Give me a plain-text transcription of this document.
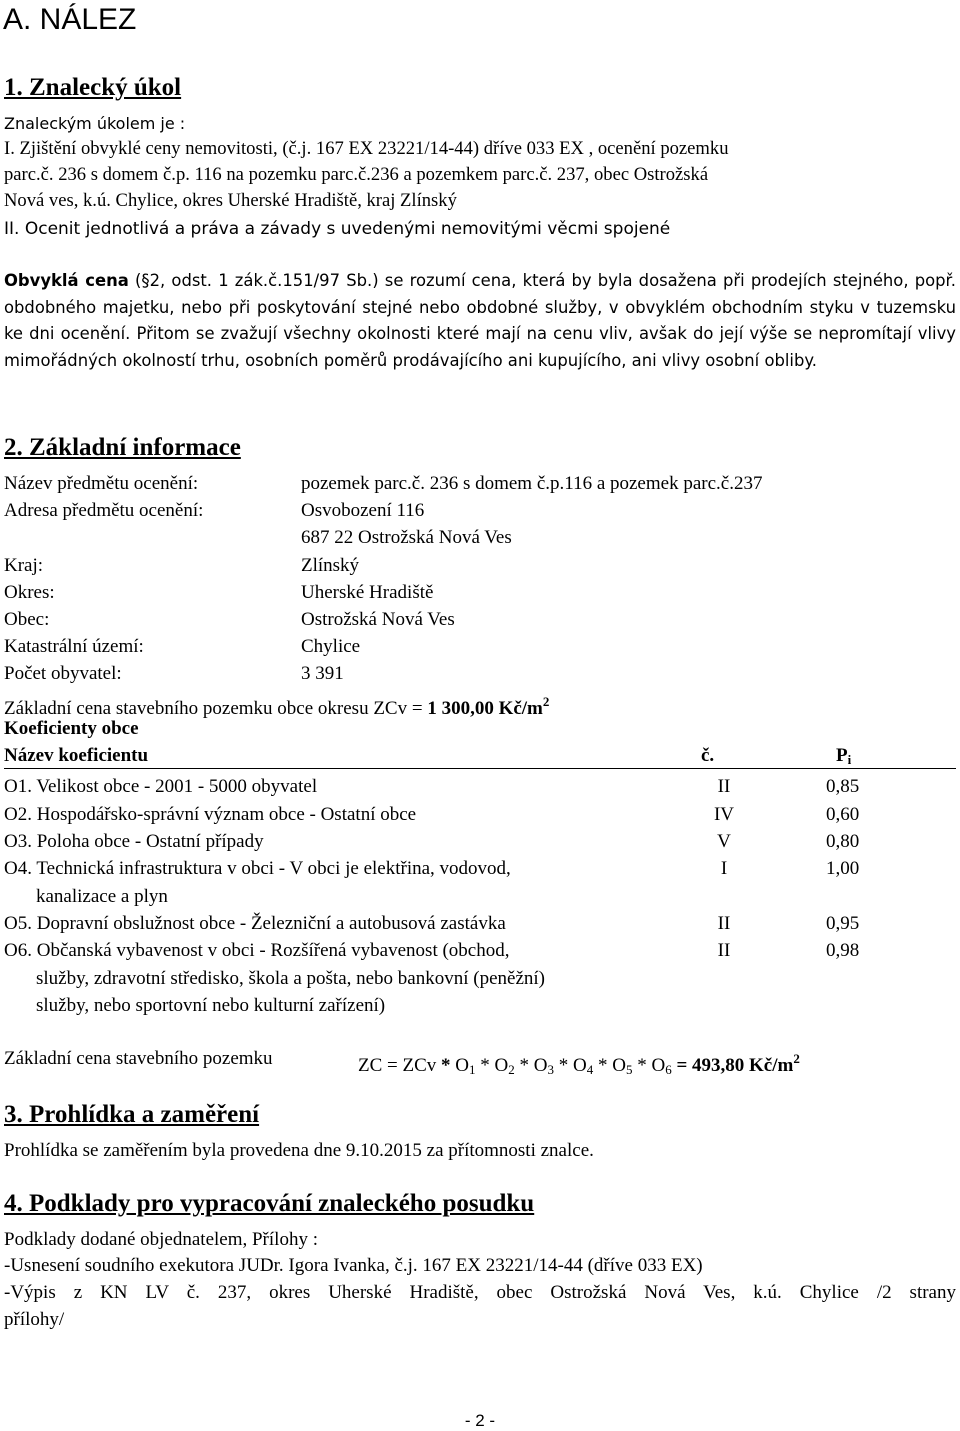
A. NÁLEZ
1. Znalecký úkol
Znaleckým úkolem je :
I. Zjištění obvyklé ceny nemovitosti, (č.j. 167 EX 23221/14-44) dříve 033 EX , ocenění pozemku
parc.č. 236 s domem č.p. 116 na pozemku parc.č.236 a pozemkem parc.č. 237, obec Ostrožská
Nová ves, k.ú. Chylice, okres Uherské Hradiště, kraj Zlínský
II. Ocenit jednotlivá a práva a závady s uvedenými nemovitými věcmi spojené
Obvyklá cena (§2, odst. 1 zák.č.151/97 Sb.) se rozumí cena, která by byla dosažena při prodejích stejného, popř. obdobného majetku, nebo při poskytování stejné nebo obdobné služby, v obvyklém obchodním styku v tuzemsku ke dni ocenění. Přitom se zvažují všechny okolnosti které mají na cenu vliv, avšak do její výše se nepromítají vlivy mimořádných okolností trhu, osobních poměrů prodávajícího ani kupujícího, ani vlivy osobní obliby.
2. Základní informace
Název předmětu ocenění:	pozemek parc.č. 236 s domem č.p.116 a pozemek parc.č.237
Adresa předmětu ocenění:	Osvobození 116
687 22 Ostrožská Nová Ves
Kraj:	Zlínský
Okres:	Uherské Hradiště
Obec:	Ostrožská Nová Ves
Katastrální území:	Chylice
Počet obyvatel:	3 391
Základní cena stavebního pozemku obce okresu ZCv = 1 300,00 $Kč/m^2$
Koeficienty obce
Název koeficientu	č.	Pi
O1. Velikost obce - 2001 - 5000 obyvatel	II	0,85
O2. Hospodářsko-správní význam obce - Ostatní obce	IV	0,60
O3. Poloha obce - Ostatní případy	V	0,80
O4. Technická infrastruktura v obci - V obci je elektřina, vodovod,
kanalizace a plyn
I	1,00
O5. Dopravní obslužnost obce - Železniční a autobusová zastávka	II	0,95
O6. Občanská vybavenost v obci - Rozšířená vybavenost (obchod,
služby, zdravotní středisko, škola a pošta, nebo bankovní (peněžní)
služby, nebo sportovní nebo kulturní zařízení)
II	0,98
Základní cena stavebního pozemku	ZC = ZCv * O1 * O2 * O3 * O4 * O5 * O6 = 493,80 $Kč/m^2$
3. Prohlídka a zaměření
Prohlídka se zaměřením byla provedena dne 9.10.2015 za přítomnosti znalce.
4. Podklady pro vypracování znaleckého posudku
Podklady dodané objednatelem, Přílohy :
-Usnesení soudního exekutora JUDr. Igora Ivanka, č.j. 167 EX 23221/14-44 (dříve 033 EX)
-Výpis z KN LV č. 237, okres Uherské Hradiště, obec Ostrožská Nová Ves, k.ú. Chylice /2 strany
přílohy/
- 2 -
